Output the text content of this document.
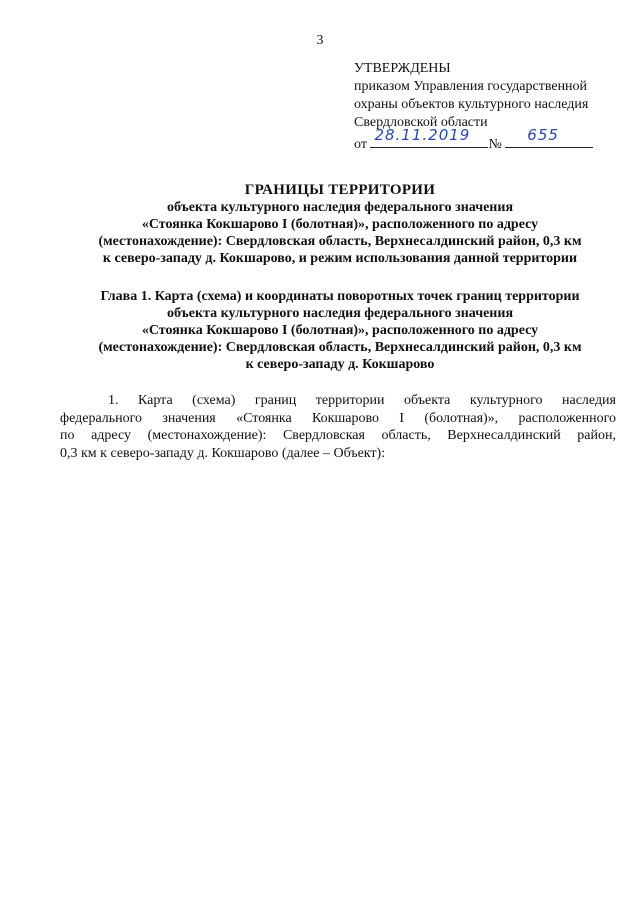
3
УТВЕРЖДЕНЫ
приказом Управления государственной
охраны объектов культурного наследия
Свердловской области
от
28.11.2019
№
655
ГРАНИЦЫ ТЕРРИТОРИИ
объекта культурного наследия федерального значения
«Стоянка Кокшарово I (болотная)», расположенного по адресу
(местонахождение): Свердловская область, Верхнесалдинский район, 0,3 км
к северо-западу д. Кокшарово, и режим использования данной территории
Глава 1. Карта (схема) и координаты поворотных точек границ территории
объекта культурного наследия федерального значения
«Стоянка Кокшарово I (болотная)», расположенного по адресу
(местонахождение): Свердловская область, Верхнесалдинский район, 0,3 км
к северо-западу д. Кокшарово
1. Карта (схема) границ территории объекта культурного наследия
федерального значения «Стоянка Кокшарово I (болотная)», расположенного
по адресу (местонахождение): Свердловская область, Верхнесалдинский район,
0,3 км к северо-западу д. Кокшарово (далее – Объект):
